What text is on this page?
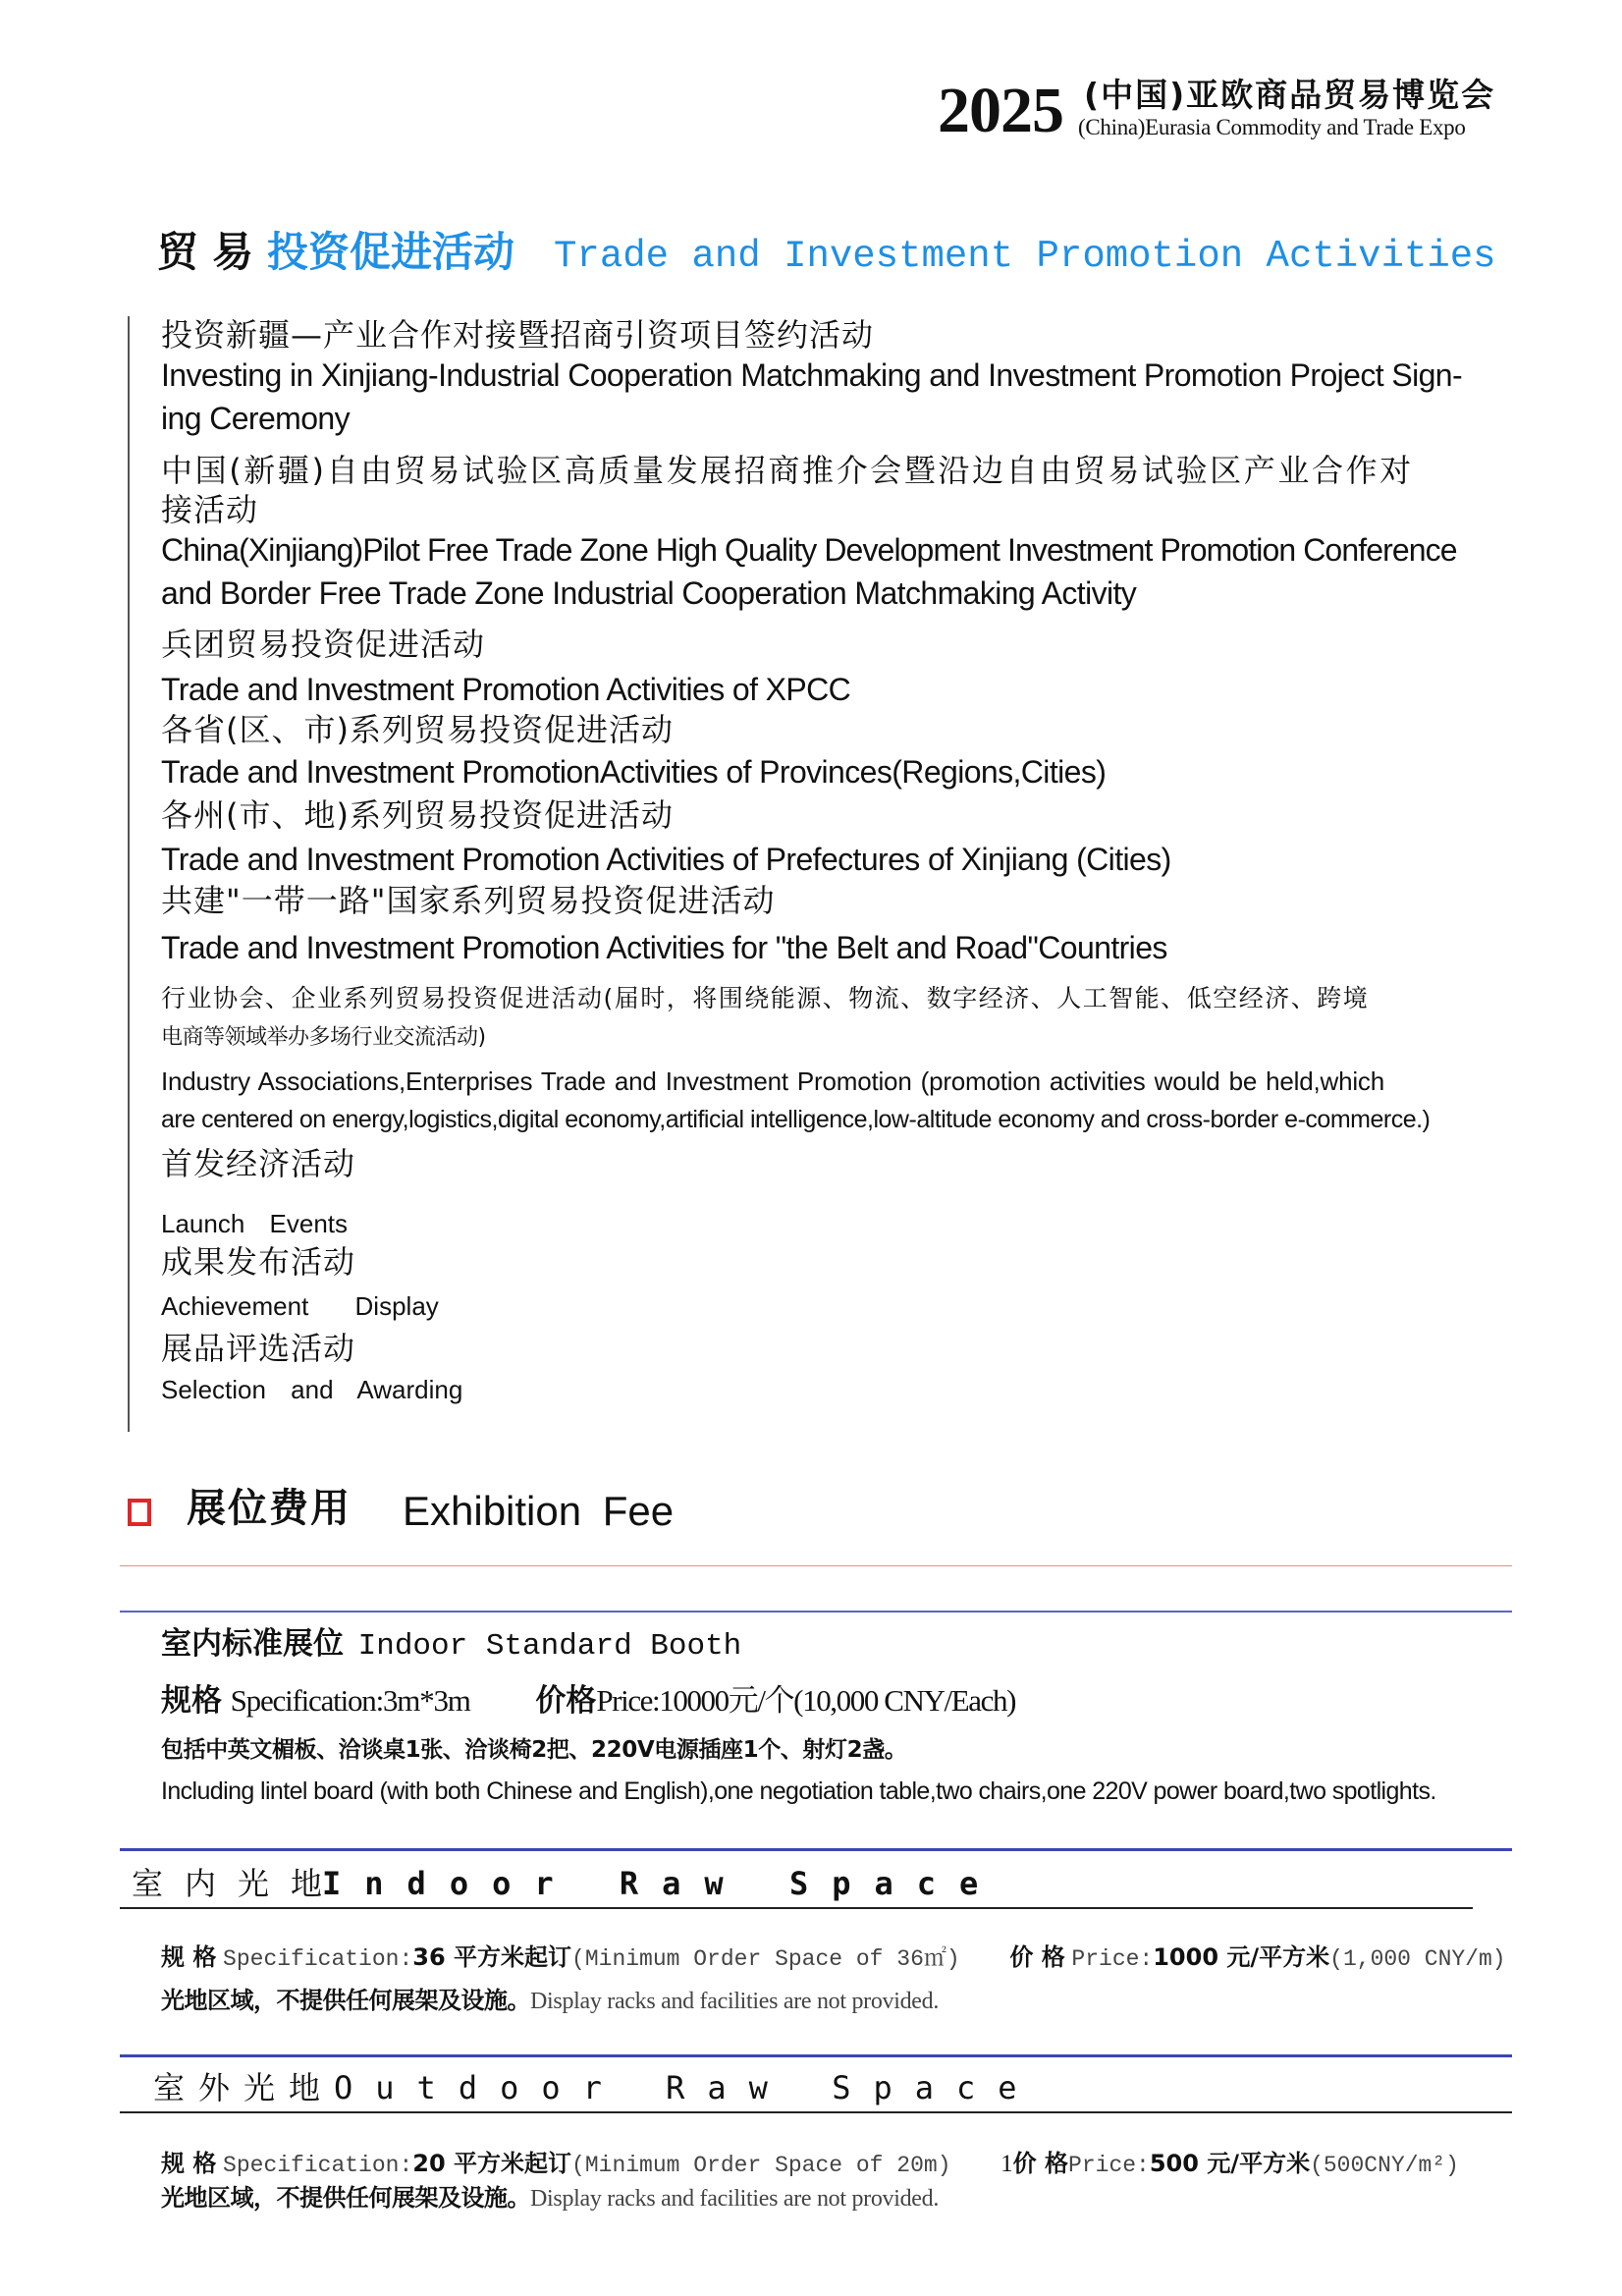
2025 (中国)亚欧商品贸易博览会
(China)Eurasia Commodity and Trade Expo
贸易投资促进活动 Trade and Investment Promotion Activities
投资新疆—产业合作对接暨招商引资项目签约活动
Investing in Xinjiang-Industrial Cooperation Matchmaking and Investment Promotion Project Sign-
ing Ceremony
中国(新疆)自由贸易试验区高质量发展招商推介会暨沿边自由贸易试验区产业合作对
接活动
China(Xinjiang)Pilot Free Trade Zone High Quality Development Investment Promotion Conference
and Border Free Trade Zone Industrial Cooperation Matchmaking Activity
兵团贸易投资促进活动
Trade and Investment Promotion Activities of XPCC
各省(区、市)系列贸易投资促进活动
Trade and Investment PromotionActivities of Provinces(Regions,Cities)
各州(市、地)系列贸易投资促进活动
Trade and Investment Promotion Activities of Prefectures of Xinjiang (Cities)
共建"一带一路"国家系列贸易投资促进活动
Trade and Investment Promotion Activities for "the Belt and Road"Countries
行业协会、企业系列贸易投资促进活动(届时，将围绕能源、物流、数字经济、人工智能、低空经济、跨境
电商等领域举办多场行业交流活动)
Industry Associations,Enterprises Trade and Investment Promotion (promotion activities would be held,which
are centered on energy,logistics,digital economy,artificial intelligence,low-altitude economy and cross-border e-commerce.)
首发经济活动
Launch Events
成果发布活动
Achievement Display
展品评选活动
Selection and Awarding
展位费用 Exhibition Fee
室内标准展位 Indoor Standard Booth
规格 Specification:3m*3m 价格Price:10000元/个(10,000 CNY/Each)
包括中英文楣板、洽谈桌1张、洽谈椅2把、220V电源插座1个、射灯2盏。
Including lintel board (with both Chinese and English),one negotiation table,two chairs,one 220V power board,two spotlights.
室内光地Indoor Raw Space
规 格 Specification:36 平方米起订(Minimum Order Space of 36㎡) 价 格 Price:1000 元/平方米(1,000 CNY/m)
光地区域，不提供任何展架及设施。Display racks and facilities are not provided.
室外光地Outdoor Raw Space
规 格 Specification:20 平方米起订(Minimum Order Space of 20m) 1价 格Price:500 元/平方米(500CNY/m²)
光地区域，不提供任何展架及设施。Display racks and facilities are not provided.
